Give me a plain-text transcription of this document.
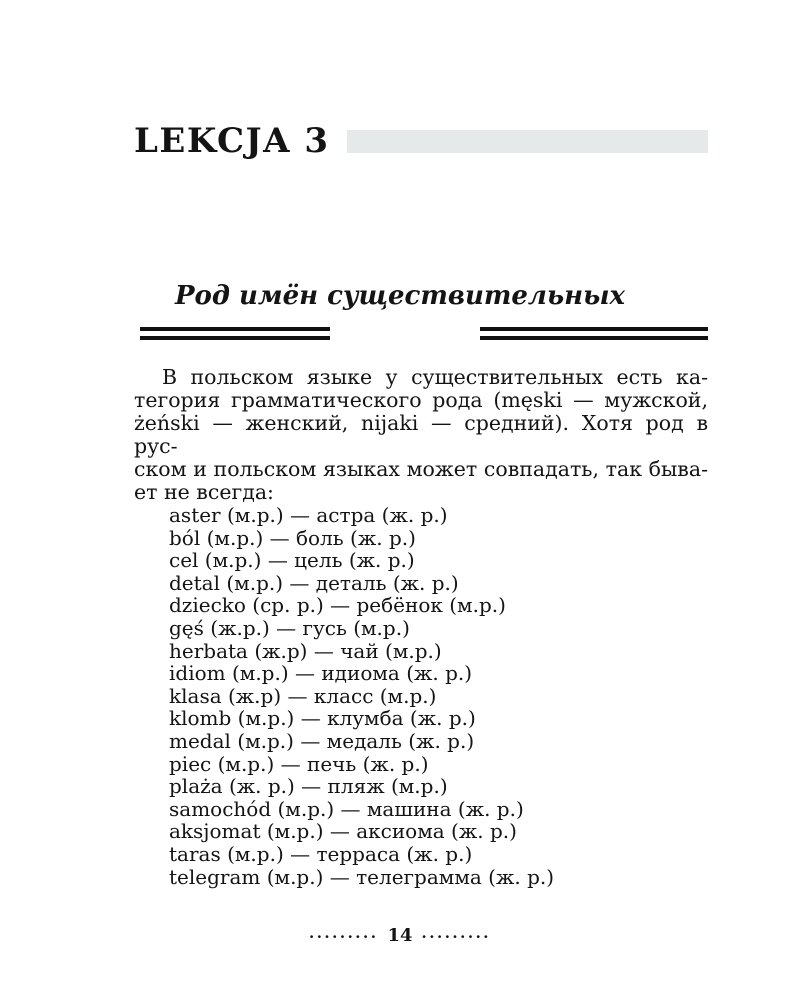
LEKCJA 3
Род имён существительных
В польском языке у существительных есть ка-
тегория грамматического рода (męski — мужской,
żeński — женский, nijaki — средний). Хотя род в рус-
ском и польском языках может совпадать, так быва-
ет не всегда:
aster (м.р.) — астра (ж. р.)
ból (м.р.) — боль (ж. р.)
cel (м.р.) — цель (ж. р.)
detal (м.р.) — деталь (ж. р.)
dziecko (ср. р.) — ребёнок (м.р.)
gęś (ж.р.) — гусь (м.р.)
herbata (ж.р) — чай (м.р.)
idiom (м.р.) — идиома (ж. р.)
klasa (ж.р) — класс (м.р.)
klomb (м.р.) — клумба (ж. р.)
medal (м.р.) — медаль (ж. р.)
piec (м.р.) — печь (ж. р.)
plaża (ж. р.) — пляж (м.р.)
samochód (м.р.) — машина (ж. р.)
aksjomat (м.р.) — аксиома (ж. р.)
taras (м.р.) — терраса (ж. р.)
telegram (м.р.) — телеграмма (ж. р.)
········· 14 ·········
